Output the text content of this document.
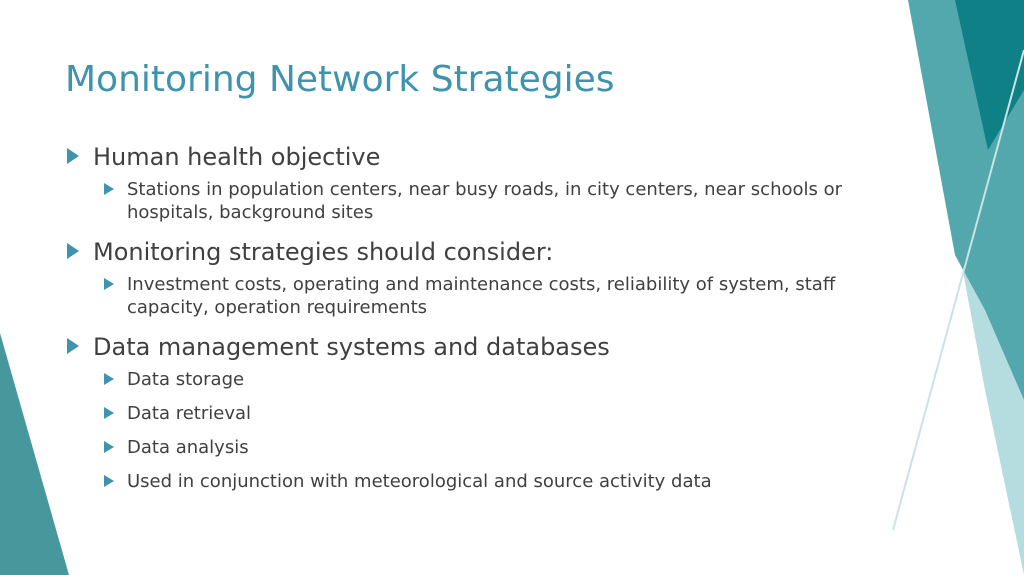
Monitoring Network Strategies
Human health objective
Stations in population centers, near busy roads, in city centers, near schools or hospitals, background sites
Monitoring strategies should consider:
Investment costs, operating and maintenance costs, reliability of system, staff capacity, operation requirements
Data management systems and databases
Data storage
Data retrieval
Data analysis
Used in conjunction with meteorological and source activity data
